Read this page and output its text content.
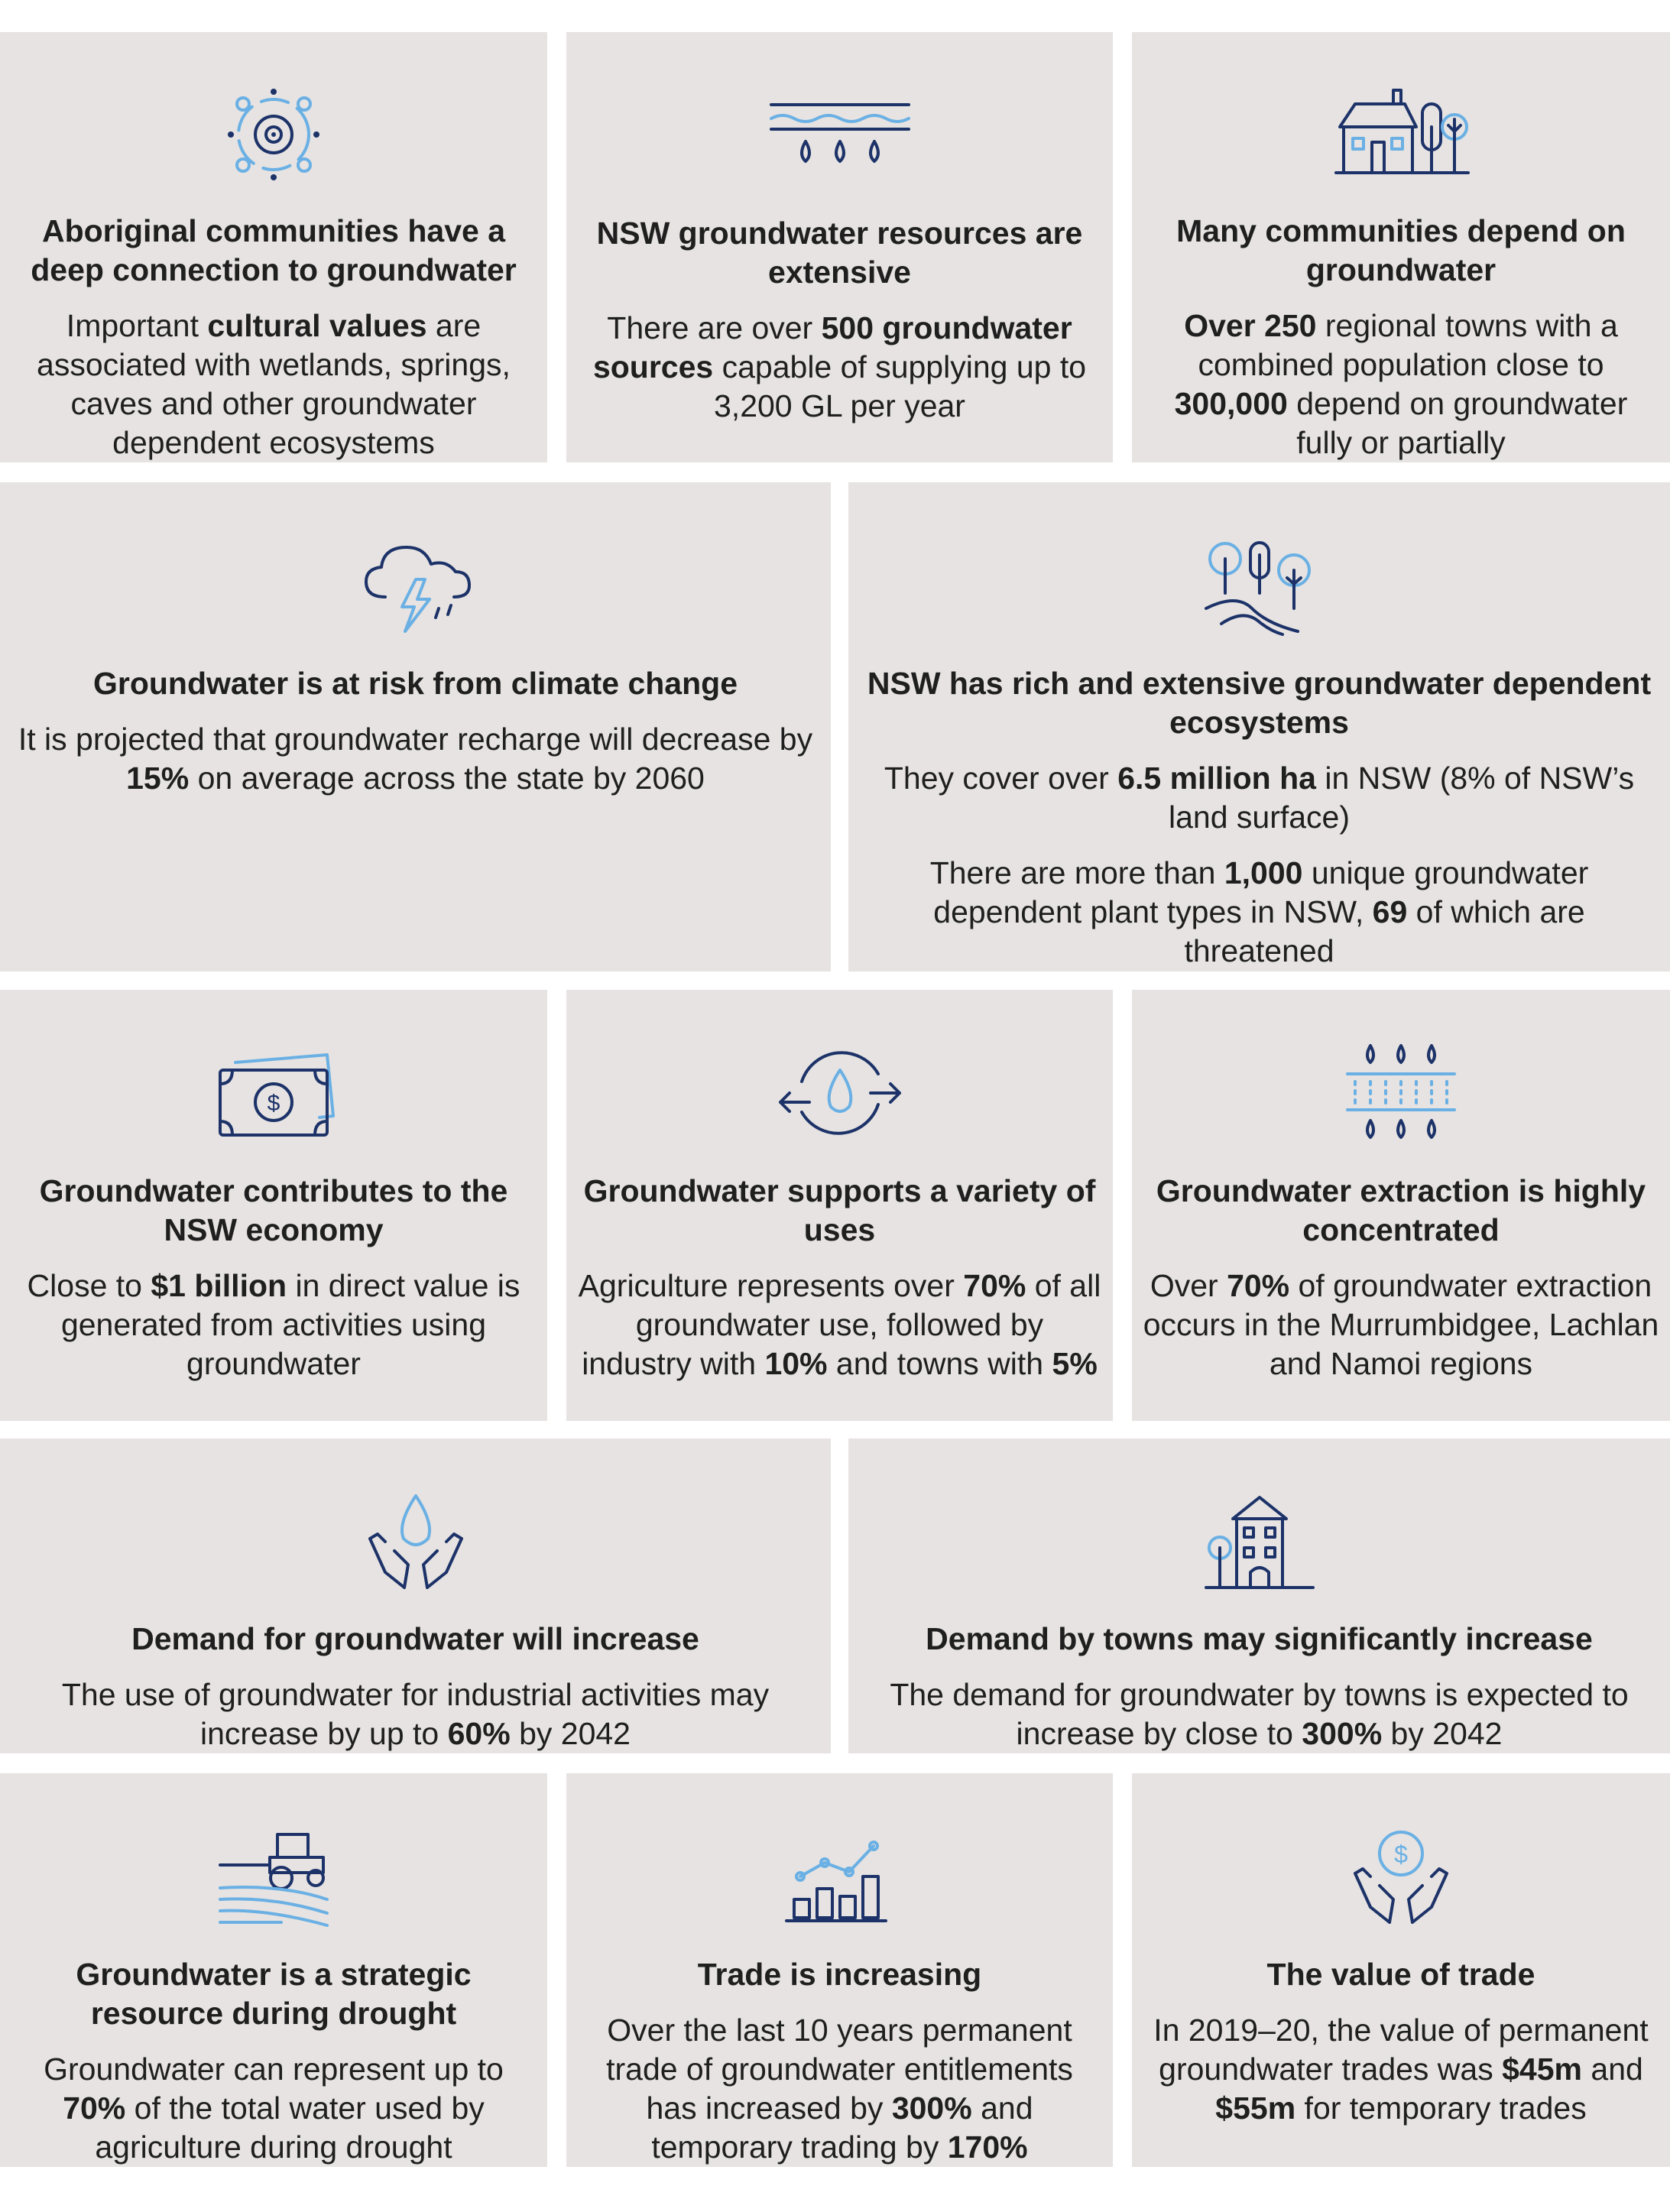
Aboriginal communities have a deep connection to groundwater
Important cultural values are associated with wetlands, springs, caves and other groundwater dependent ecosystems
NSW groundwater resources are extensive
There are over 500 groundwater sources capable of supplying up to 3,200 GL per year
Many communities depend on groundwater
Over 250 regional towns with a combined population close to 300,000 depend on groundwater fully or partially
Groundwater is at risk from climate change
It is projected that groundwater recharge will decrease by 15% on average across the state by 2060
NSW has rich and extensive groundwater dependent ecosystems
They cover over 6.5 million ha in NSW (8% of NSW’s land surface)
There are more than 1,000 unique groundwater dependent plant types in NSW, 69 of which are threatened
$
Groundwater contributes to the NSW economy
Close to $1 billion in direct value is generated from activities using groundwater
Groundwater supports a variety of uses
Agriculture represents over 70% of all groundwater use, followed by industry with 10% and towns with 5%
Groundwater extraction is highly concentrated
Over 70% of groundwater extraction occurs in the Murrumbidgee, Lachlan and Namoi regions
Demand for groundwater will increase
The use of groundwater for industrial activities may increase by up to 60% by 2042
Demand by towns may significantly increase
The demand for groundwater by towns is expected to increase by close to 300% by 2042
Groundwater is a strategic resource during drought
Groundwater can represent up to 70% of the total water used by agriculture during drought
Trade is increasing
Over the last 10 years permanent trade of groundwater entitlements has increased by 300% and temporary trading by 170%
$
The value of trade
In 2019–20, the value of permanent groundwater trades was $45m and $55m for temporary trades
